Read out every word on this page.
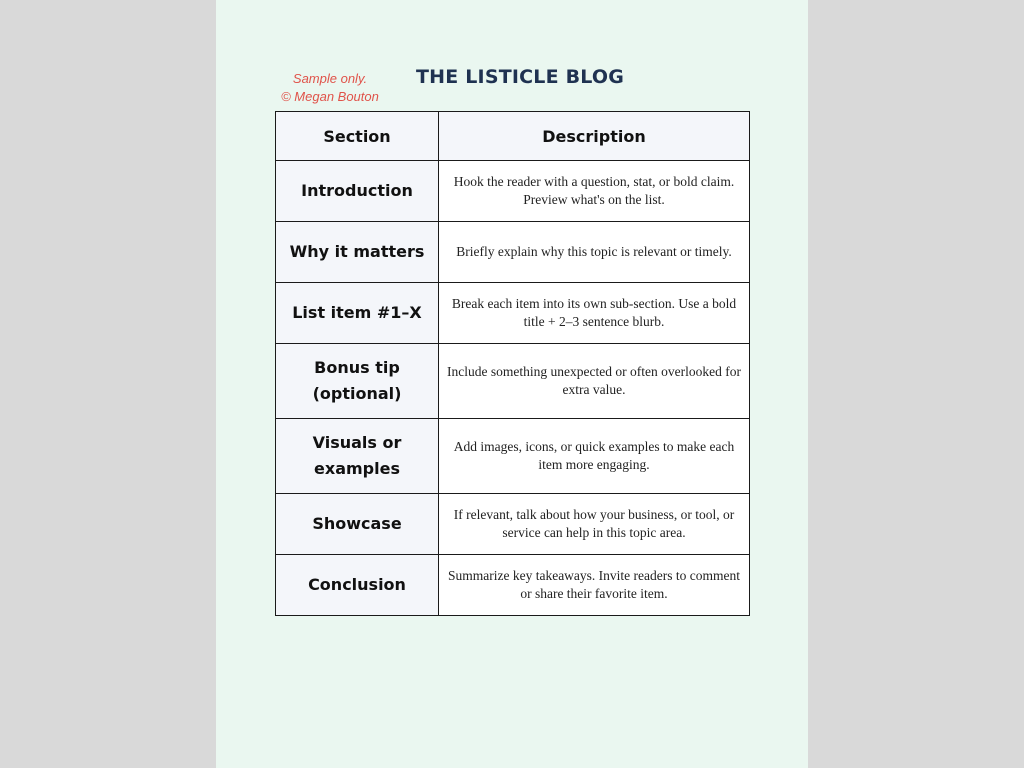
Sample only.
© Megan Bouton
THE LISTICLE BLOG
Section	Description
Introduction	Hook the reader with a question, stat, or bold claim. Preview what's on the list.
Why it matters	Briefly explain why this topic is relevant or timely.
List item #1–X	Break each item into its own sub-section. Use a bold title + 2–3 sentence blurb.
Bonus tip (optional)	Include something unexpected or often overlooked for extra value.
Visuals or examples	Add images, icons, or quick examples to make each item more engaging.
Showcase	If relevant, talk about how your business, or tool, or service can help in this topic area.
Conclusion	Summarize key takeaways. Invite readers to comment or share their favorite item.
